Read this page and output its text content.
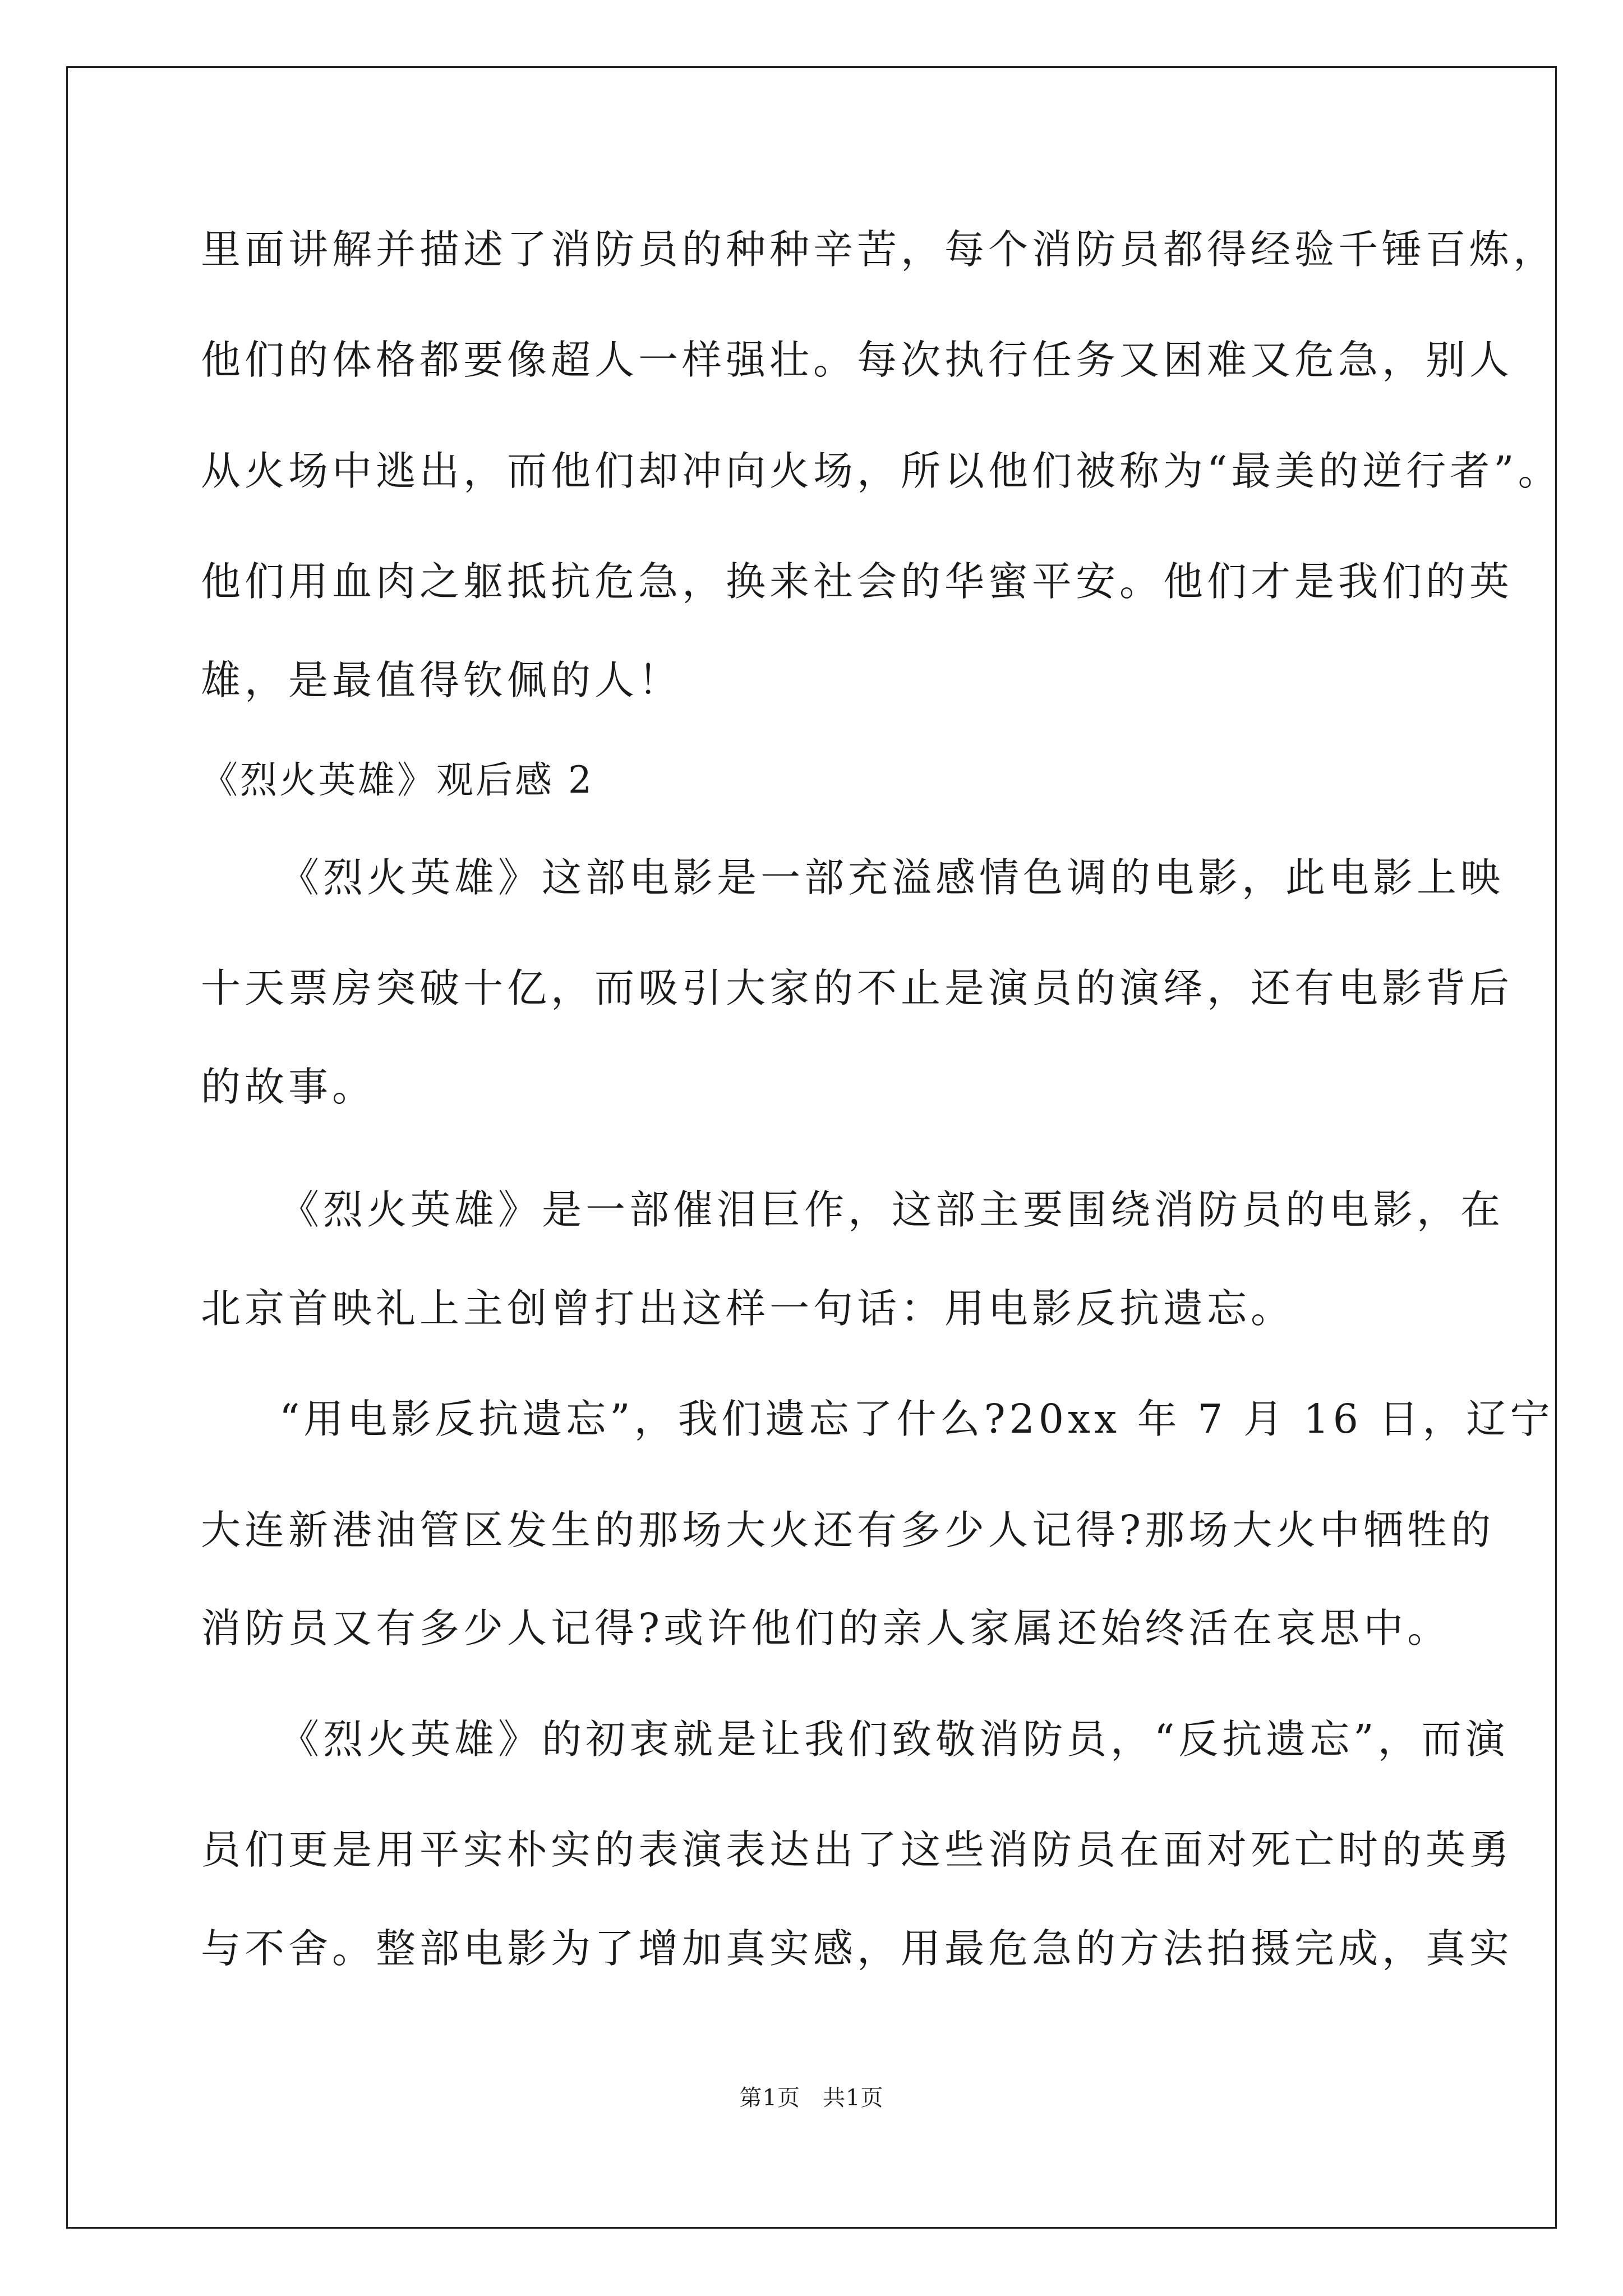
里面讲解并描述了消防员的种种辛苦，每个消防员都得经验千锤百炼，
他们的体格都要像超人一样强壮。每次执行任务又困难又危急，别人
从火场中逃出，而他们却冲向火场，所以他们被称为“最美的逆行者”。
他们用血肉之躯抵抗危急，换来社会的华蜜平安。他们才是我们的英
雄，是最值得钦佩的人！
《烈火英雄》观后感 2
《烈火英雄》这部电影是一部充溢感情色调的电影，此电影上映
十天票房突破十亿，而吸引大家的不止是演员的演绎，还有电影背后
的故事。
《烈火英雄》是一部催泪巨作，这部主要围绕消防员的电影，在
北京首映礼上主创曾打出这样一句话：用电影反抗遗忘。
“用电影反抗遗忘”，我们遗忘了什么?20xx 年 7 月 16 日，辽宁
大连新港油管区发生的那场大火还有多少人记得?那场大火中牺牲的
消防员又有多少人记得?或许他们的亲人家属还始终活在哀思中。
《烈火英雄》的初衷就是让我们致敬消防员，“反抗遗忘”，而演
员们更是用平实朴实的表演表达出了这些消防员在面对死亡时的英勇
与不舍。整部电影为了增加真实感，用最危急的方法拍摄完成，真实
第1页 共1页
